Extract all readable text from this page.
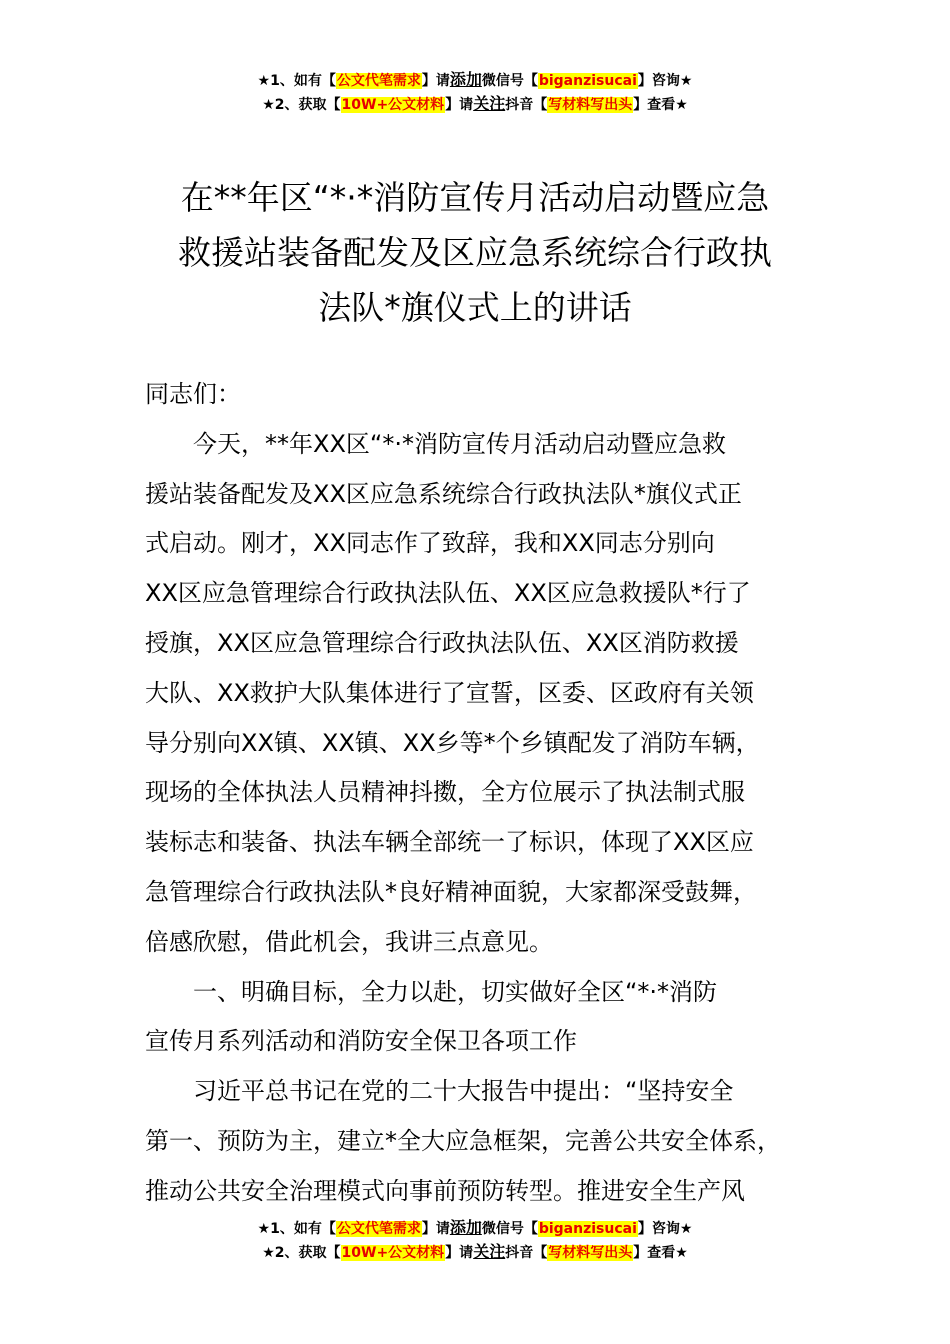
★1、如有【公文代笔需求】请添加微信号【biganzisucai】咨询★
★2、获取【10W+公文材料】请关注抖音【写材料写出头】查看★
在**年区“*·*消防宣传月活动启动暨应急
救援站装备配发及区应急系统综合行政执
法队*旗仪式上的讲话
同志们：
　　今天，**年XX区“*·*消防宣传月活动启动暨应急救
援站装备配发及XX区应急系统综合行政执法队*旗仪式正
式启动。刚才，XX同志作了致辞，我和XX同志分别向
XX区应急管理综合行政执法队伍、XX区应急救援队*行了
授旗，XX区应急管理综合行政执法队伍、XX区消防救援
大队、XX救护大队集体进行了宣誓，区委、区政府有关领
导分别向XX镇、XX镇、XX乡等*个乡镇配发了消防车辆，
现场的全体执法人员精神抖擞，全方位展示了执法制式服
装标志和装备、执法车辆全部统一了标识，体现了XX区应
急管理综合行政执法队*良好精神面貌，大家都深受鼓舞，
倍感欣慰，借此机会，我讲三点意见。
　　一、明确目标，全力以赴，切实做好全区“*·*消防
宣传月系列活动和消防安全保卫各项工作
　　习近平总书记在党的二十大报告中提出：“坚持安全
第一、预防为主，建立*全大应急框架，完善公共安全体系，
推动公共安全治理模式向事前预防转型。推进安全生产风
★1、如有【公文代笔需求】请添加微信号【biganzisucai】咨询★
★2、获取【10W+公文材料】请关注抖音【写材料写出头】查看★
